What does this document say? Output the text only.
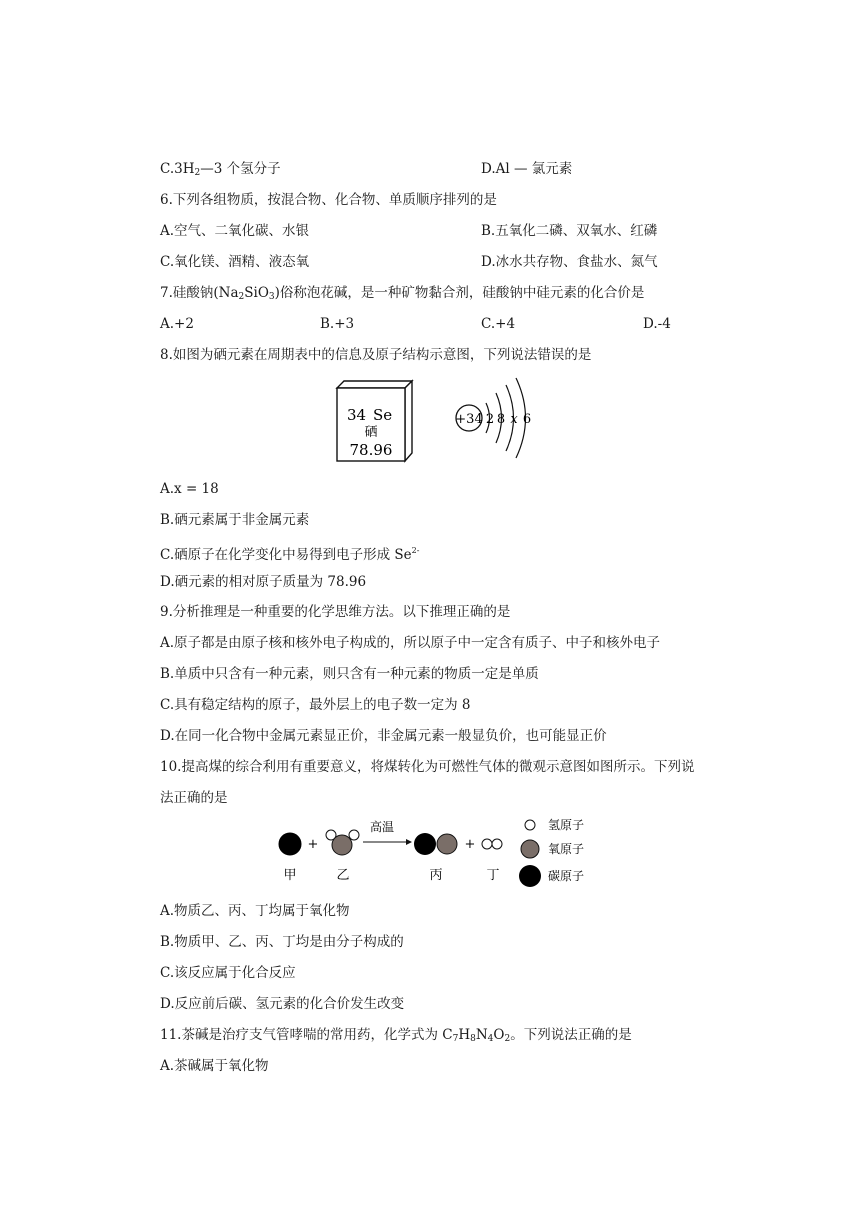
$C.3H_2—3$ 个氢分子	D.Al — 氯元素
6.下列各组物质，按混合物、化合物、单质顺序排列的是
A.空气、二氧化碳、水银	B.五氧化二磷、双氧水、红磷
C.氧化镁、酒精、液态氧	D.冰水共存物、食盐水、氮气
7.硅酸钠$(Na_2SiO_3)$俗称泡花碱，是一种矿物黏合剂，硅酸钠中硅元素的化合价是
A.+2	B.+3	C.+4	D.-4
8.如图为硒元素在周期表中的信息及原子结构示意图，下列说法错误的是
34 Se
硒
78.96
+34 2 8 x 6
A.x = 18
B.硒元素属于非金属元素
C.硒原子在化学变化中易得到电子形成 $Se^{2-}$
D.硒元素的相对原子质量为 78.96
9.分析推理是一种重要的化学思维方法。以下推理正确的是
A.原子都是由原子核和核外电子构成的，所以原子中一定含有质子、中子和核外电子
B.单质中只含有一种元素，则只含有一种元素的物质一定是单质
C.具有稳定结构的原子，最外层上的电子数一定为 8
D.在同一化合物中金属元素显正价，非金属元素一般显负价，也可能显正价
10.提高煤的综合利用有重要意义，将煤转化为可燃性气体的微观示意图如图所示。下列说
法正确的是
+
高温
+
甲	乙	丙	丁
氢原子
氧原子
碳原子
A.物质乙、丙、丁均属于氧化物
B.物质甲、乙、丙、丁均是由分子构成的
C.该反应属于化合反应
D.反应前后碳、氢元素的化合价发生改变
11.茶碱是治疗支气管哮喘的常用药，化学式为 $C_7H_8N_4O_2$。下列说法正确的是
A.茶碱属于氧化物
